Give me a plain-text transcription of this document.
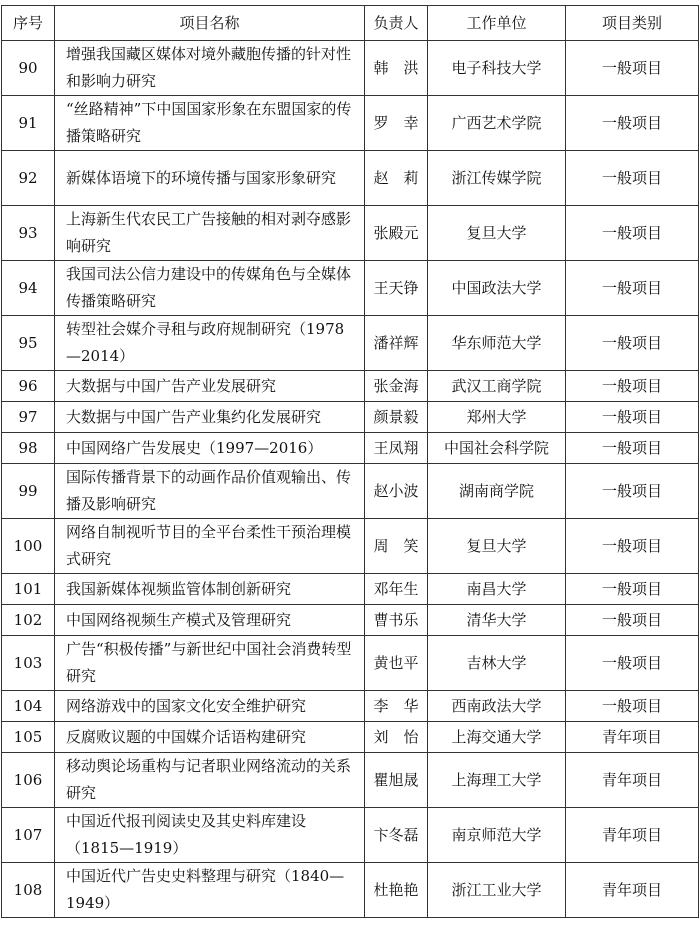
序号	项目名称	负责人	工作单位	项目类别
90	增强我国藏区媒体对境外藏胞传播的针对性和影响力研究	韩　洪	电子科技大学	一般项目
91	“丝路精神”下中国国家形象在东盟国家的传播策略研究	罗　幸	广西艺术学院	一般项目
92	新媒体语境下的环境传播与国家形象研究	赵　莉	浙江传媒学院	一般项目
93	上海新生代农民工广告接触的相对剥夺感影响研究	张殿元	复旦大学	一般项目
94	我国司法公信力建设中的传媒角色与全媒体传播策略研究	王天铮	中国政法大学	一般项目
95	转型社会媒介寻租与政府规制研究（1978—2014）	潘祥辉	华东师范大学	一般项目
96	大数据与中国广告产业发展研究	张金海	武汉工商学院	一般项目
97	大数据与中国广告产业集约化发展研究	颜景毅	郑州大学	一般项目
98	中国网络广告发展史（1997—2016）	王凤翔	中国社会科学院	一般项目
99	国际传播背景下的动画作品价值观输出、传播及影响研究	赵小波	湖南商学院	一般项目
100	网络自制视听节目的全平台柔性干预治理模式研究	周　笑	复旦大学	一般项目
101	我国新媒体视频监管体制创新研究	邓年生	南昌大学	一般项目
102	中国网络视频生产模式及管理研究	曹书乐	清华大学	一般项目
103	广告“积极传播”与新世纪中国社会消费转型研究	黄也平	吉林大学	一般项目
104	网络游戏中的国家文化安全维护研究	李　华	西南政法大学	一般项目
105	反腐败议题的中国媒介话语构建研究	刘　怡	上海交通大学	青年项目
106	移动舆论场重构与记者职业网络流动的关系研究	瞿旭晟	上海理工大学	青年项目
107	中国近代报刊阅读史及其史料库建设（1815—1919）	卞冬磊	南京师范大学	青年项目
108	中国近代广告史史料整理与研究（1840—1949）	杜艳艳	浙江工业大学	青年项目
